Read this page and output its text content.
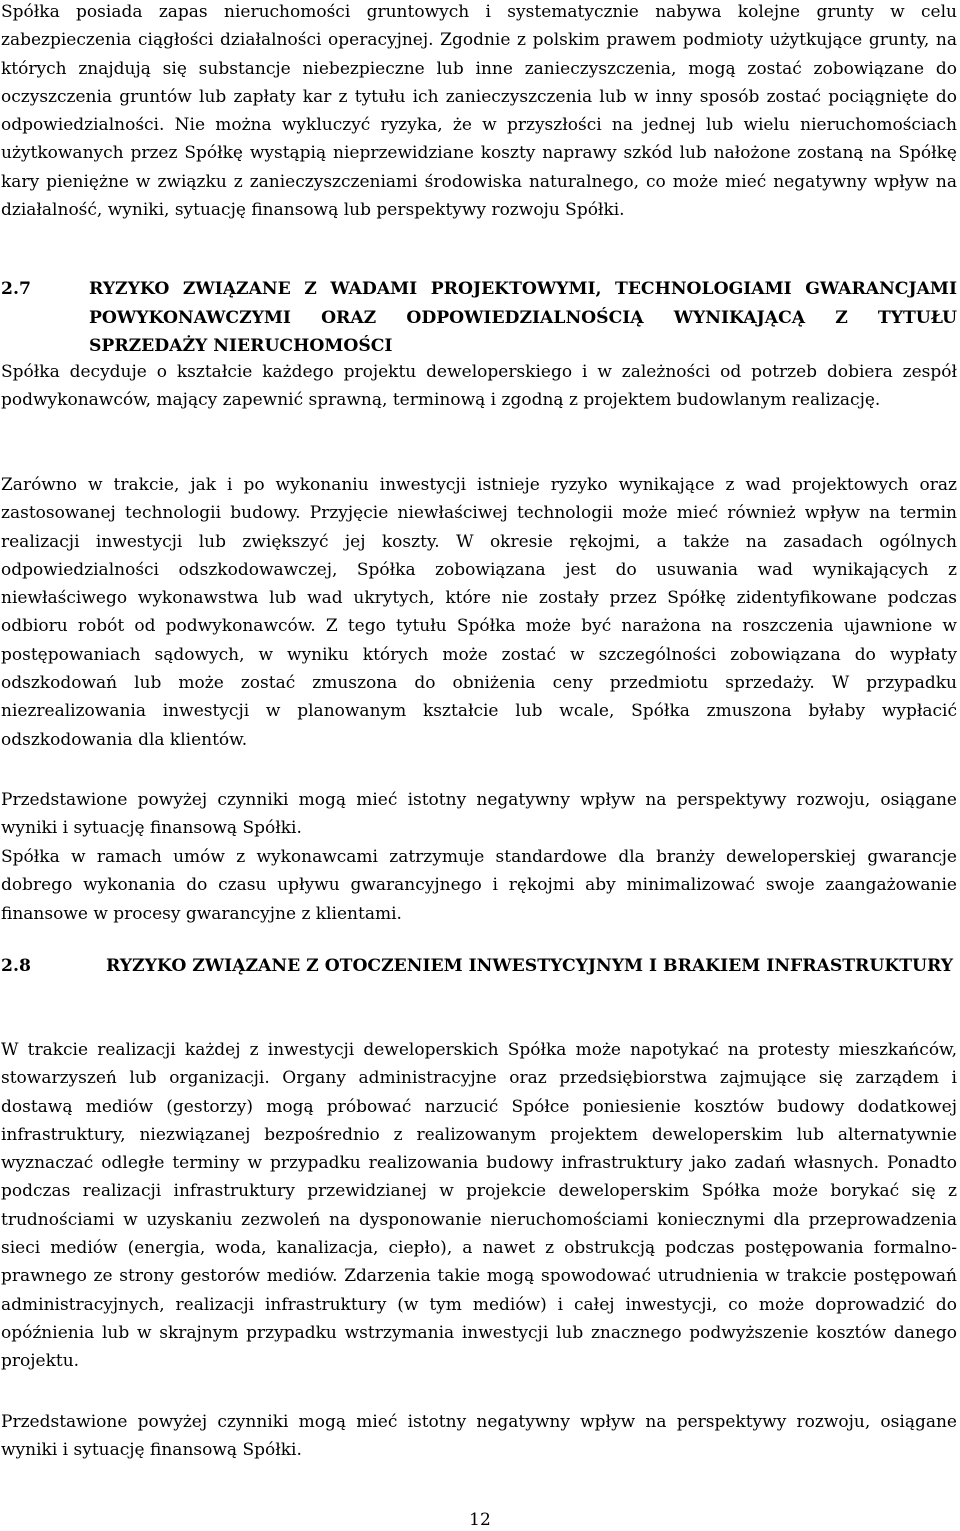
Spółka posiada zapas nieruchomości gruntowych i systematycznie nabywa kolejne grunty w celu zabezpieczenia ciągłości działalności operacyjnej. Zgodnie z polskim prawem podmioty użytkujące grunty, na których znajdują się substancje niebezpieczne lub inne zanieczyszczenia, mogą zostać zobowiązane do oczyszczenia gruntów lub zapłaty kar z tytułu ich zanieczyszczenia lub w inny sposób zostać pociągnięte do odpowiedzialności. Nie można wykluczyć ryzyka, że w przyszłości na jednej lub wielu nieruchomościach użytkowanych przez Spółkę wystąpią nieprzewidziane koszty naprawy szkód lub nałożone zostaną na Spółkę kary pieniężne w związku z zanieczyszczeniami środowiska naturalnego, co może mieć negatywny wpływ na działalność, wyniki, sytuację finansową lub perspektywy rozwoju Spółki.

2.7	RYZYKO ZWIĄZANE Z WADAMI PROJEKTOWYMI, TECHNOLOGIAMI GWARANCJAMI POWYKONAWCZYMI ORAZ ODPOWIEDZIALNOŚCIĄ WYNIKAJĄCĄ Z TYTUŁU SPRZEDAŻY NIERUCHOMOŚCI

Spółka decyduje o kształcie każdego projektu deweloperskiego i w zależności od potrzeb dobiera zespół podwykonawców, mający zapewnić sprawną, terminową i zgodną z projektem budowlanym realizację.

Zarówno w trakcie, jak i po wykonaniu inwestycji istnieje ryzyko wynikające z wad projektowych oraz zastosowanej technologii budowy. Przyjęcie niewłaściwej technologii może mieć również wpływ na termin realizacji inwestycji lub zwiększyć jej koszty. W okresie rękojmi, a także na zasadach ogólnych odpowiedzialności odszkodowawczej, Spółka zobowiązana jest do usuwania wad wynikających z niewłaściwego wykonawstwa lub wad ukrytych, które nie zostały przez Spółkę zidentyfikowane podczas odbioru robót od podwykonawców. Z tego tytułu Spółka może być narażona na roszczenia ujawnione w postępowaniach sądowych, w wyniku których może zostać w szczególności zobowiązana do wypłaty odszkodowań lub może zostać zmuszona do obniżenia ceny przedmiotu sprzedaży. W przypadku niezrealizowania inwestycji w planowanym kształcie lub wcale, Spółka zmuszona byłaby wypłacić odszkodowania dla klientów.

Przedstawione powyżej czynniki mogą mieć istotny negatywny wpływ na perspektywy rozwoju, osiągane wyniki i sytuację finansową Spółki.

Spółka w ramach umów z wykonawcami zatrzymuje standardowe dla branży deweloperskiej gwarancje dobrego wykonania do czasu upływu gwarancyjnego i rękojmi aby minimalizować swoje zaangażowanie finansowe w procesy gwarancyjne z klientami.

2.8	RYZYKO ZWIĄZANE Z OTOCZENIEM INWESTYCYJNYM I BRAKIEM INFRASTRUKTURY

W trakcie realizacji każdej z inwestycji deweloperskich Spółka może napotykać na protesty mieszkańców, stowarzyszeń lub organizacji. Organy administracyjne oraz przedsiębiorstwa zajmujące się zarządem i dostawą mediów (gestorzy) mogą próbować narzucić Spółce poniesienie kosztów budowy dodatkowej infrastruktury, niezwiązanej bezpośrednio z realizowanym projektem deweloperskim lub alternatywnie wyznaczać odległe terminy w przypadku realizowania budowy infrastruktury jako zadań własnych. Ponadto podczas realizacji infrastruktury przewidzianej w projekcie deweloperskim Spółka może borykać się z trudnościami w uzyskaniu zezwoleń na dysponowanie nieruchomościami koniecznymi dla przeprowadzenia sieci mediów (energia, woda, kanalizacja, ciepło), a nawet z obstrukcją podczas postępowania formalno-prawnego ze strony gestorów mediów. Zdarzenia takie mogą spowodować utrudnienia w trakcie postępowań administracyjnych, realizacji infrastruktury (w tym mediów) i całej inwestycji, co może doprowadzić do opóźnienia lub w skrajnym przypadku wstrzymania inwestycji lub znacznego podwyższenie kosztów danego projektu.

Przedstawione powyżej czynniki mogą mieć istotny negatywny wpływ na perspektywy rozwoju, osiągane wyniki i sytuację finansową Spółki.

12
